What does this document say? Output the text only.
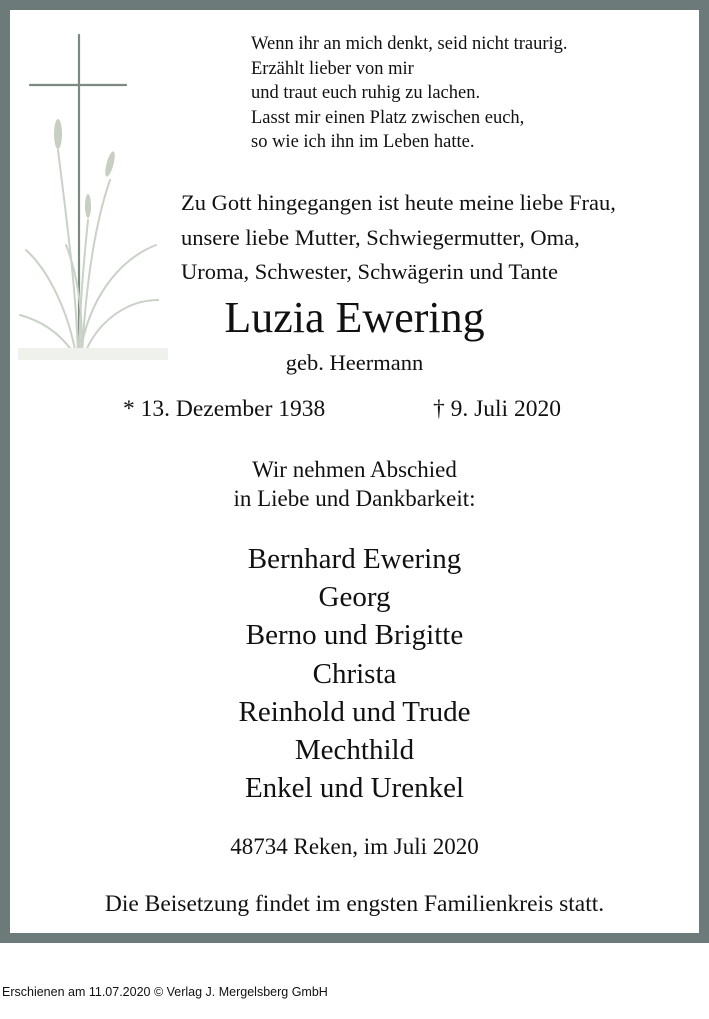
Wenn ihr an mich denkt, seid nicht traurig.
Erzählt lieber von mir
und traut euch ruhig zu lachen.
Lasst mir einen Platz zwischen euch,
so wie ich ihn im Leben hatte.
Zu Gott hingegangen ist heute meine liebe Frau,
unsere liebe Mutter, Schwiegermutter, Oma,
Uroma, Schwester, Schwägerin und Tante
Luzia Ewering
geb. Heermann
* 13. Dezember 1938	† 9. Juli 2020
Wir nehmen Abschied
in Liebe und Dankbarkeit:
Bernhard Ewering
Georg
Berno und Brigitte
Christa
Reinhold und Trude
Mechthild
Enkel und Urenkel
48734 Reken, im Juli 2020
Die Beisetzung findet im engsten Familienkreis statt.
Erschienen am 11.07.2020 © Verlag J. Mergelsberg GmbH
